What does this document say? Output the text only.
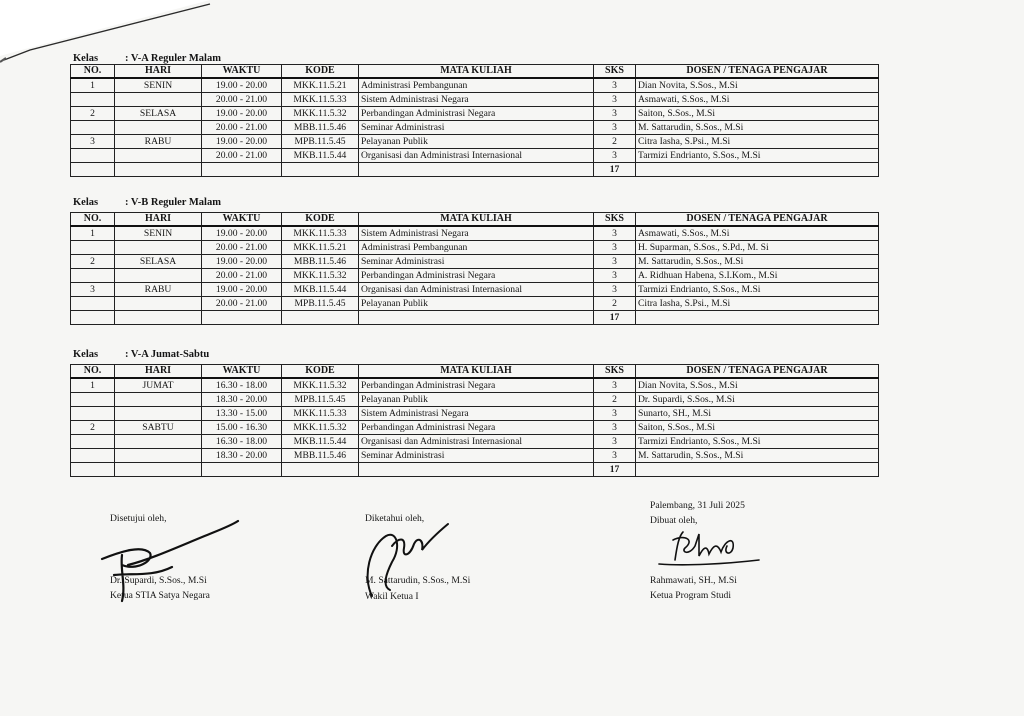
Kelas	: V-A Reguler Malam
NO.	HARI	WAKTU	KODE	MATA KULIAH	SKS	DOSEN / TENAGA PENGAJAR
1	SENIN	19.00 - 20.00	MKK.11.5.21	Administrasi Pembangunan	3	Dian Novita, S.Sos., M.Si
		20.00 - 21.00	MKK.11.5.33	Sistem Administrasi Negara	3	Asmawati, S.Sos., M.Si
2	SELASA	19.00 - 20.00	MKK.11.5.32	Perbandingan Administrasi Negara	3	Saiton, S.Sos., M.Si
		20.00 - 21.00	MBB.11.5.46	Seminar Administrasi	3	M. Sattarudin, S.Sos., M.Si
3	RABU	19.00 - 20.00	MPB.11.5.45	Pelayanan Publik	2	Citra Iasha, S.Psi., M.Si
		20.00 - 21.00	MKB.11.5.44	Organisasi dan Administrasi Internasional	3	Tarmizi Endrianto, S.Sos., M.Si
					17	
Kelas	: V-B Reguler Malam
NO.	HARI	WAKTU	KODE	MATA KULIAH	SKS	DOSEN / TENAGA PENGAJAR
1	SENIN	19.00 - 20.00	MKK.11.5.33	Sistem Administrasi Negara	3	Asmawati, S.Sos., M.Si
		20.00 - 21.00	MKK.11.5.21	Administrasi Pembangunan	3	H. Suparman, S.Sos., S.Pd., M. Si
2	SELASA	19.00 - 20.00	MBB.11.5.46	Seminar Administrasi	3	M. Sattarudin, S.Sos., M.Si
		20.00 - 21.00	MKK.11.5.32	Perbandingan Administrasi Negara	3	A. Ridhuan Habena, S.I.Kom., M.Si
3	RABU	19.00 - 20.00	MKB.11.5.44	Organisasi dan Administrasi Internasional	3	Tarmizi Endrianto, S.Sos., M.Si
		20.00 - 21.00	MPB.11.5.45	Pelayanan Publik	2	Citra Iasha, S.Psi., M.Si
					17	
Kelas	: V-A Jumat-Sabtu
NO.	HARI	WAKTU	KODE	MATA KULIAH	SKS	DOSEN / TENAGA PENGAJAR
1	JUMAT	16.30 - 18.00	MKK.11.5.32	Perbandingan Administrasi Negara	3	Dian Novita, S.Sos., M.Si
		18.30 - 20.00	MPB.11.5.45	Pelayanan Publik	2	Dr. Supardi, S.Sos., M.Si
		13.30 - 15.00	MKK.11.5.33	Sistem Administrasi Negara	3	Sunarto, SH., M.Si
2	SABTU	15.00 - 16.30	MKK.11.5.32	Perbandingan Administrasi Negara	3	Saiton, S.Sos., M.Si
		16.30 - 18.00	MKB.11.5.44	Organisasi dan Administrasi Internasional	3	Tarmizi Endrianto, S.Sos., M.Si
		18.30 - 20.00	MBB.11.5.46	Seminar Administrasi	3	M. Sattarudin, S.Sos., M.Si
					17	
Disetujui oleh,
Dr. Supardi, S.Sos., M.Si
Ketua STIA Satya Negara
Diketahui oleh,
M. Sattarudin, S.Sos., M.Si
Wakil Ketua I
Palembang, 31 Juli 2025
Dibuat oleh,
Rahmawati, SH., M.Si
Ketua Program Studi
